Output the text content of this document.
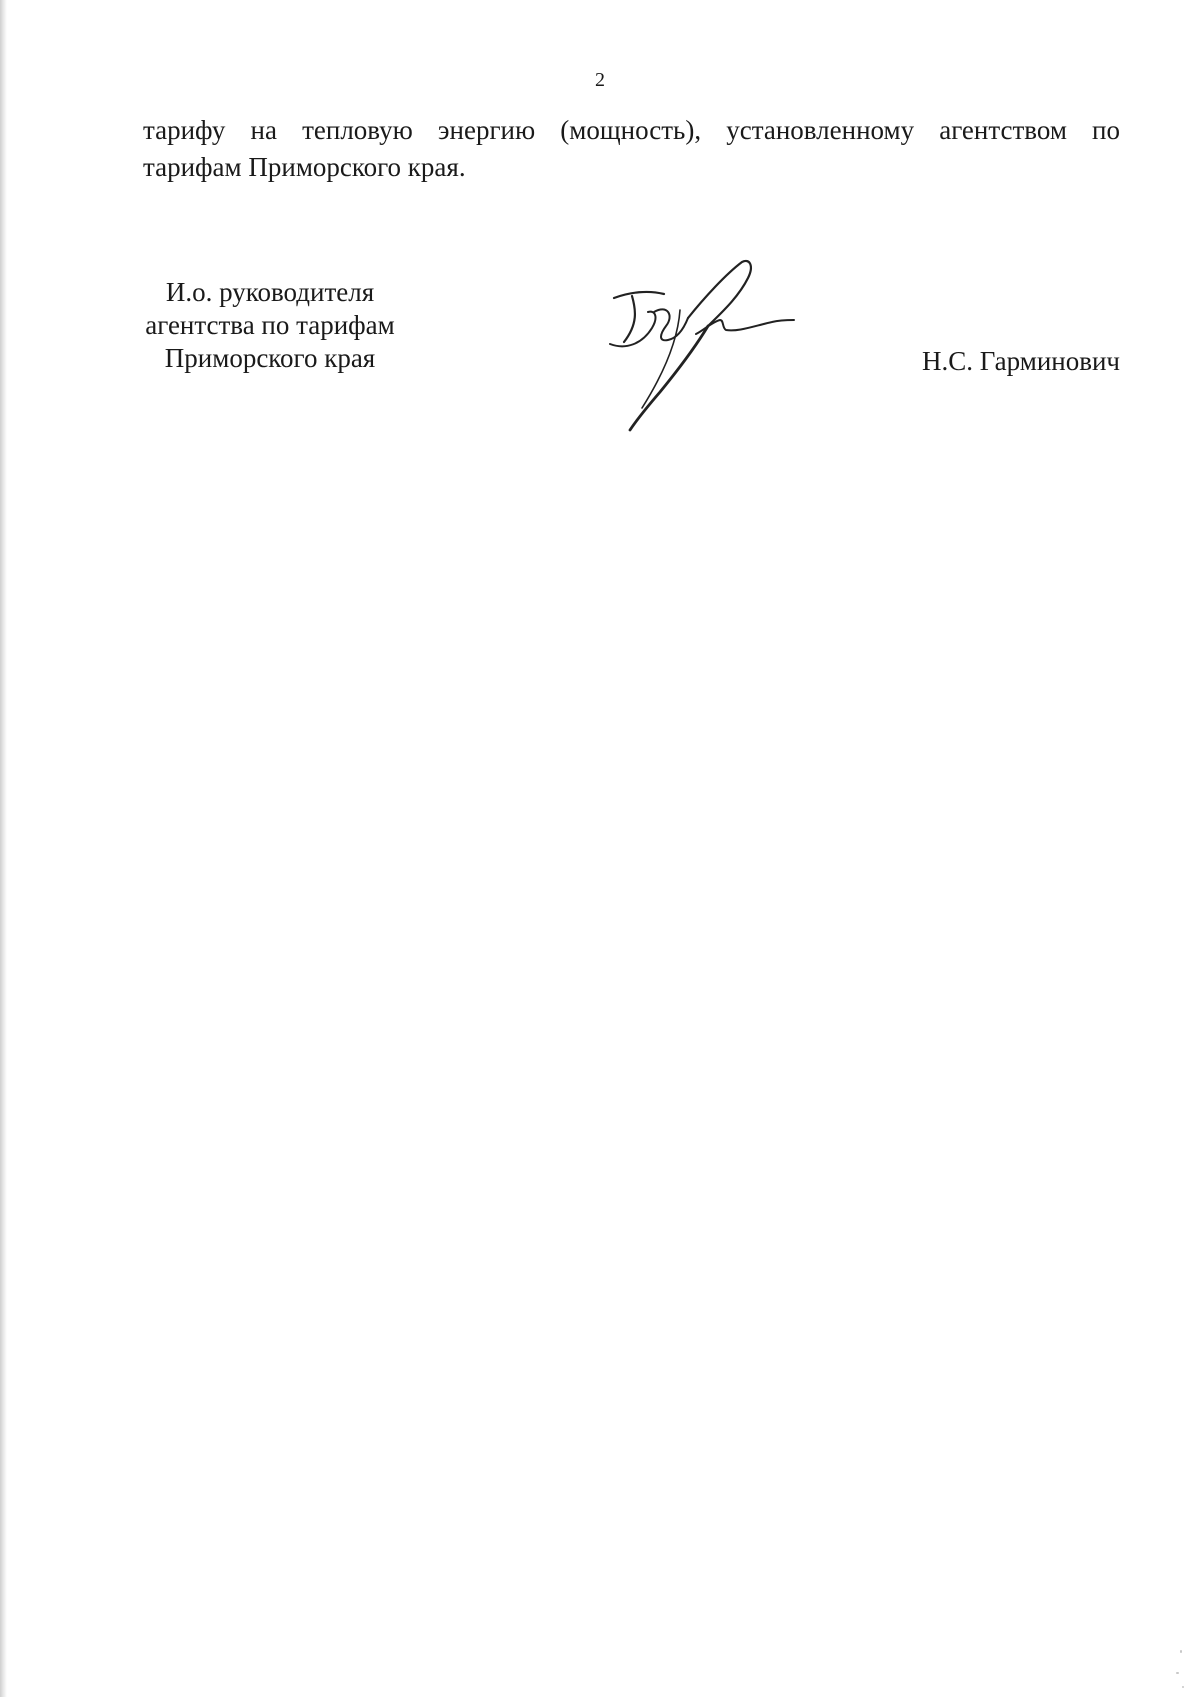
2
тарифу на тепловую энергию (мощность), установленному агентством по
тарифам Приморского края.
И.о. руководителя
агентства по тарифам
Приморского края	Н.С. Гарминович
